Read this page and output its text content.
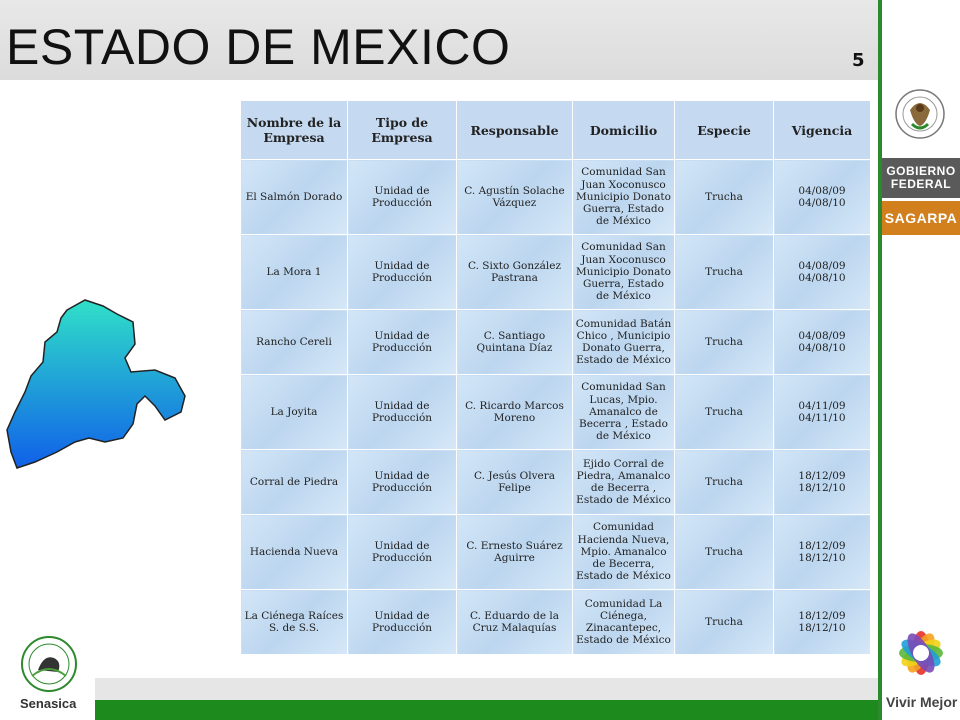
ESTADO DE MEXICO	5
GOBIERNO
FEDERAL
SAGARPA
Vivir Mejor
Senasica
Nombre de la Empresa	Tipo de Empresa	Responsable	Domicilio	Especie	Vigencia
El Salmón Dorado	Unidad de Producción	C. Agustín Solache Vázquez	Comunidad San Juan Xoconusco Municipio Donato Guerra, Estado de México	Trucha	04/08/09
04/08/10

La Mora 1	Unidad de Producción	C. Sixto González Pastrana	Comunidad San Juan Xoconusco Municipio Donato Guerra, Estado de México	Trucha	04/08/09
04/08/10

Rancho Cereli	Unidad de Producción	C. Santiago Quintana Díaz	Comunidad Batán Chico , Municipio Donato Guerra, Estado de México	Trucha	04/08/09
04/08/10

La Joyita	Unidad de Producción	C. Ricardo Marcos Moreno	Comunidad San Lucas, Mpio. Amanalco de Becerra , Estado de México	Trucha	04/11/09
04/11/10

Corral de Piedra	Unidad de Producción	C. Jesús Olvera Felipe	Ejido Corral de Piedra, Amanalco de Becerra , Estado de México	Trucha	18/12/09
18/12/10

Hacienda Nueva	Unidad de Producción	C. Ernesto Suárez Aguirre	Comunidad Hacienda Nueva, Mpio. Amanalco de Becerra, Estado de México	Trucha	18/12/09
18/12/10

La Ciénega Raíces S. de S.S.	Unidad de Producción	C. Eduardo de la Cruz Malaquías	Comunidad La Ciénega, Zinacantepec, Estado de México	Trucha	18/12/09
18/12/10
